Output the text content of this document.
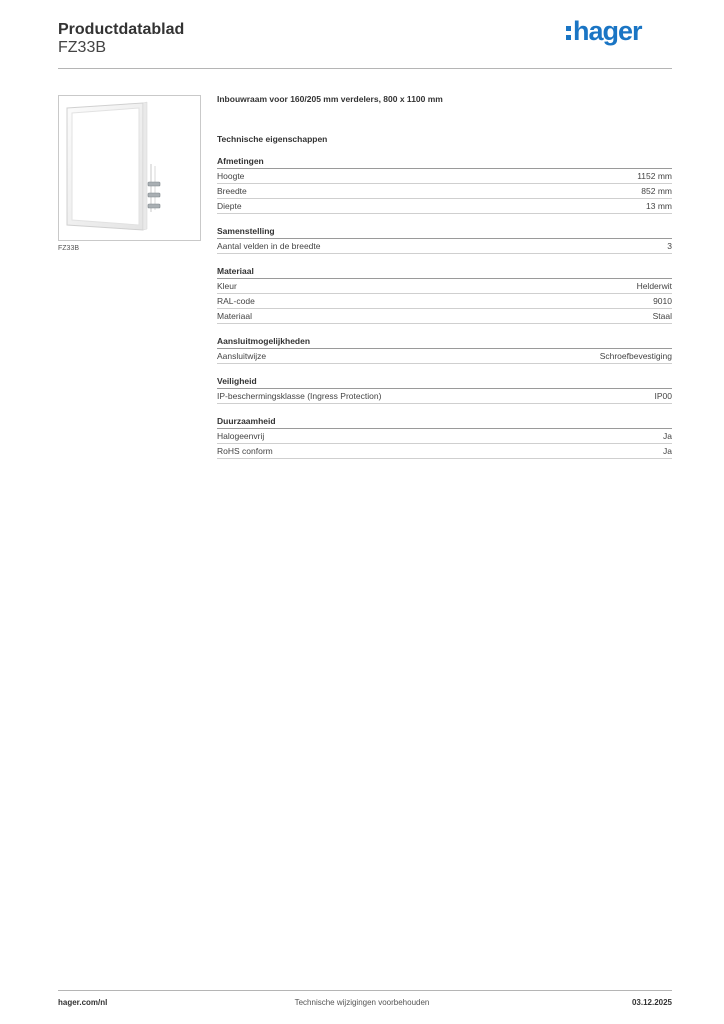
Productdatablad
FZ33B
hager
FZ33B
Inbouwraam voor 160/205 mm verdelers, 800 x 1100 mm
Technische eigenschappen
Afmetingen
Hoogte	1152 mm
Breedte	852 mm
Diepte	13 mm
Samenstelling
Aantal velden in de breedte	3
Materiaal
Kleur	Helderwit
RAL-code	9010
Materiaal	Staal
Aansluitmogelijkheden
Aansluitwijze	Schroefbevestiging
Veiligheid
IP-beschermingsklasse (Ingress Protection)	IP00
Duurzaamheid
Halogeenvrij	Ja
RoHS conform	Ja
hager.com/nl	Technische wijzigingen voorbehouden	03.12.2025
